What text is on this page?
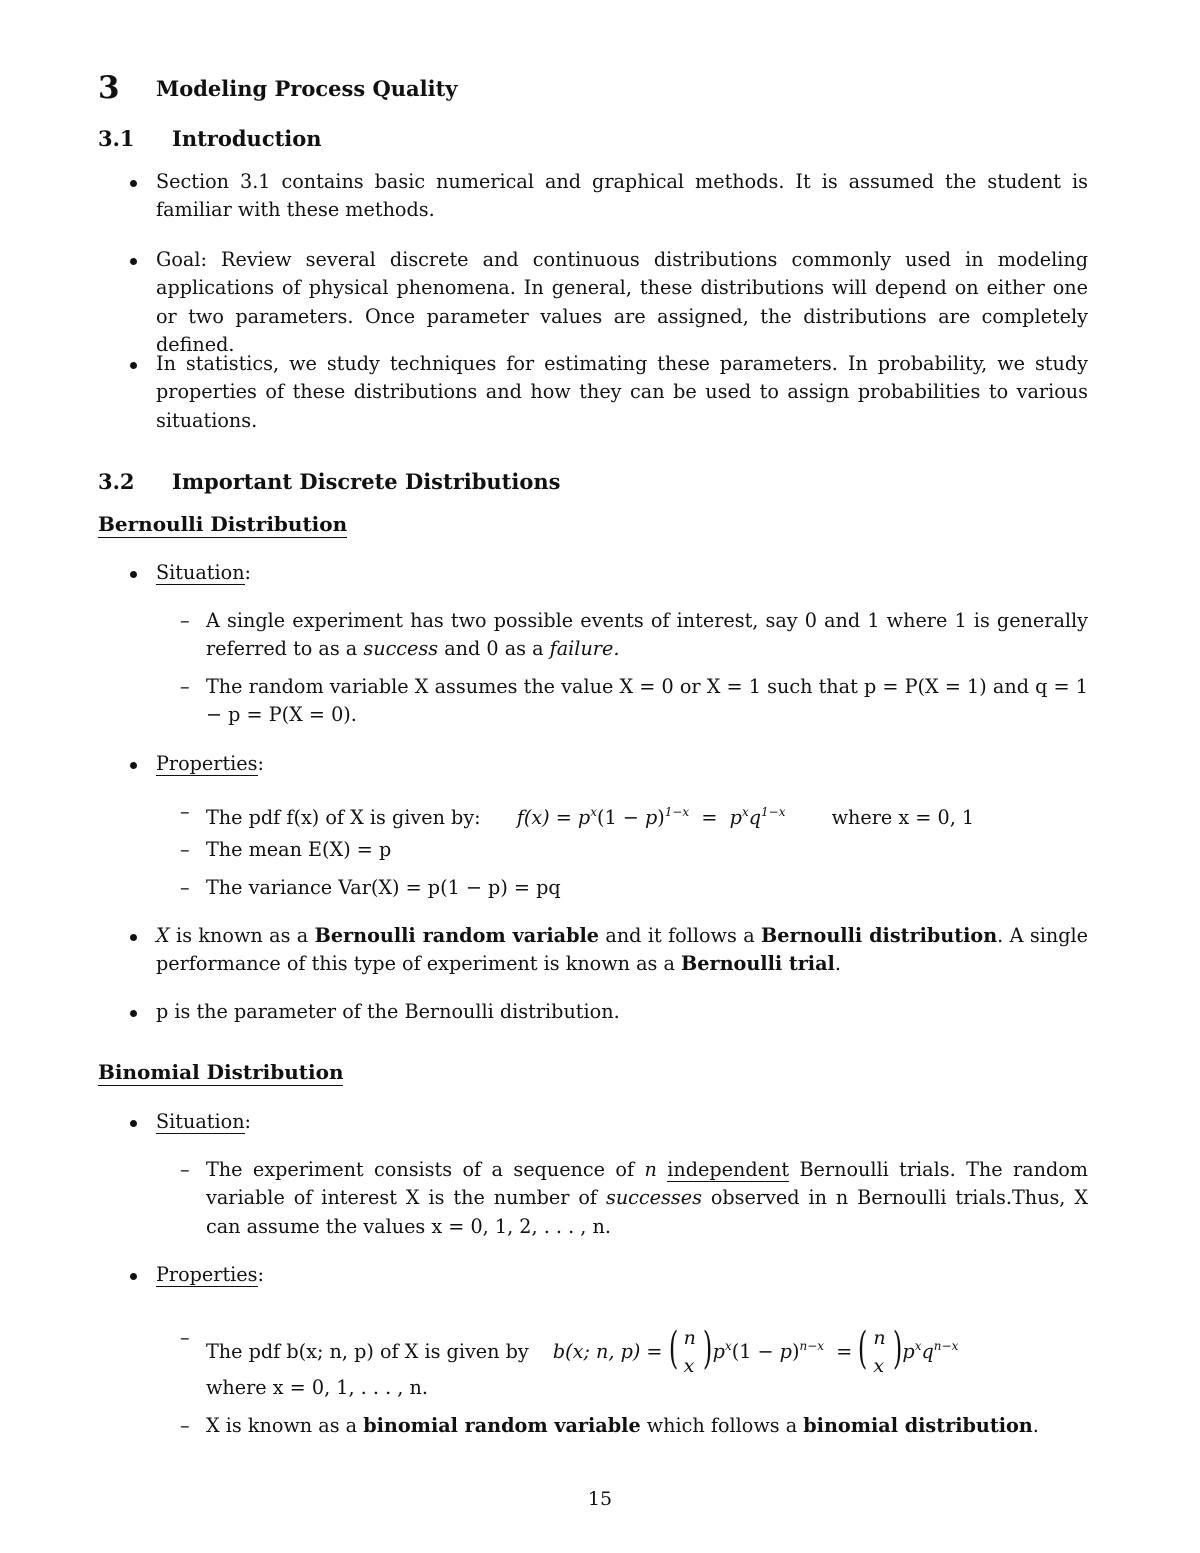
3 Modeling Process Quality
3.1 Introduction
Section 3.1 contains basic numerical and graphical methods. It is assumed the student is familiar with these methods.
Goal: Review several discrete and continuous distributions commonly used in modeling applications of physical phenomena. In general, these distributions will depend on either one or two parameters. Once parameter values are assigned, the distributions are completely defined.
In statistics, we study techniques for estimating these parameters. In probability, we study properties of these distributions and how they can be used to assign probabilities to various situations.
3.2 Important Discrete Distributions
Bernoulli Distribution
Situation:
– A single experiment has two possible events of interest, say 0 and 1 where 1 is generally referred to as a success and 0 as a failure.
– The random variable X assumes the value X = 0 or X = 1 such that p = P(X = 1) and q = 1 − p = P(X = 0).
Properties:
– The pdf f(x) of X is given by: $f(x) = p^x(1 - p)^{1-x} = p^xq^{1-x}$ where x = 0, 1
– The mean E(X) = p
– The variance Var(X) = p(1 − p) = pq
X is known as a Bernoulli random variable and it follows a Bernoulli distribution. A single performance of this type of experiment is known as a Bernoulli trial.
p is the parameter of the Bernoulli distribution.
Binomial Distribution
Situation:
– The experiment consists of a sequence of n independent Bernoulli trials. The random variable of interest X is the number of successes observed in n Bernoulli trials.Thus, X can assume the values x = 0, 1, 2, . . . , n.
Properties:
–
The pdf b(x; n, p) of X is given by b(x; n, p) = ( n
x ) $p^x(1 - p)^{n-x}$  = ( n
x ) $p^xq^{n-x}$
where x = 0, 1, . . . , n.
– X is known as a binomial random variable which follows a binomial distribution.
15
